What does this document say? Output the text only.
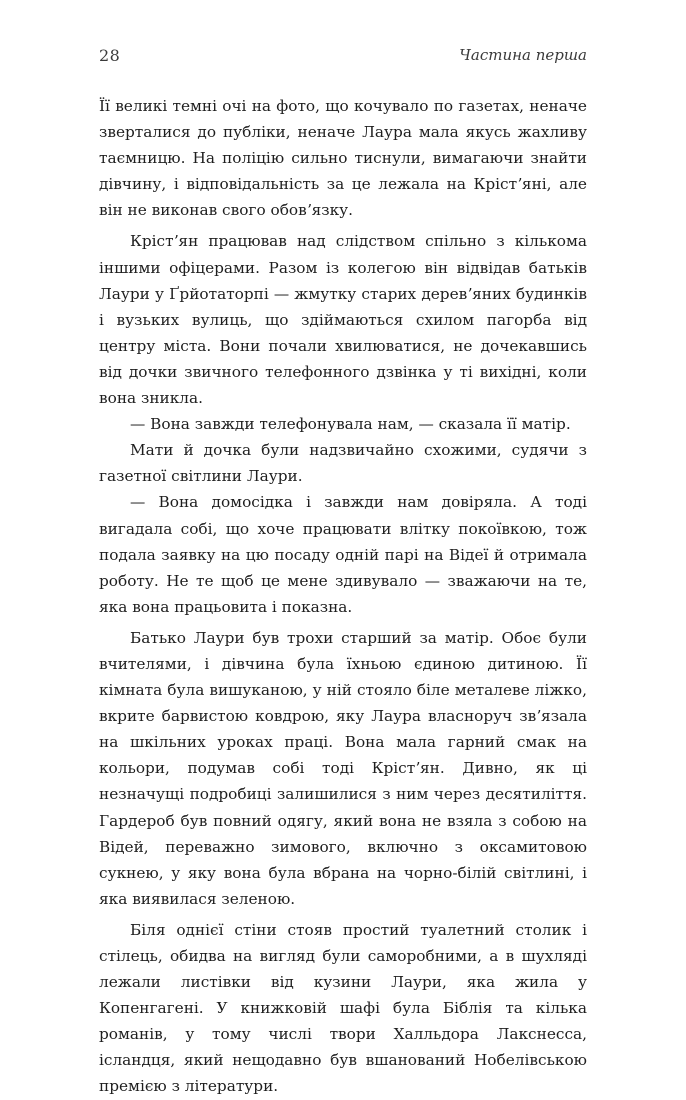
28	Частина перша

Її великі темні очі на фото, що кочувало по газетах, неначе зверталися до публіки, неначе Лаура мала якусь жахливу таємницю. На поліцію сильно тиснули, вимагаючи знайти дівчину, і відповідальність за це лежала на Крістʼяні, але він не виконав свого обовʼязку.

Крістʼян працював над слідством спільно з кількома іншими офіцерами. Разом із колегою він відвідав батьків Лаури у Ґрйотаторпі — жмутку старих деревʼяних будинків і вузьких вулиць, що здіймаються схилом пагорба від центру міста. Вони почали хвилюватися, не дочекавшись від дочки звичного телефонного дзвінка у ті вихідні, коли вона зникла.

— Вона завжди телефонувала нам, — сказала її матір.

Мати й дочка були надзвичайно схожими, судячи з газетної світлини Лаури.

— Вона домосідка і завжди нам довіряла. А тоді вигадала собі, що хоче працювати влітку покоївкою, тож подала заявку на цю посаду одній парі на Відеї й отримала роботу. Не те щоб це мене здивувало — зважаючи на те, яка вона працьовита і показна.

Батько Лаури був трохи старший за матір. Обоє були вчителями, і дівчина була їхньою єдиною дитиною. Її кімната була вишуканою, у ній стояло біле металеве ліжко, вкрите барвистою ковдрою, яку Лаура власноруч звʼязала на шкільних уроках праці. Вона мала гарний смак на кольори, подумав собі тоді Крістʼян. Дивно, як ці незначущі подробиці залишилися з ним через десятиліття. Гардероб був повний одягу, який вона не взяла з собою на Відей, переважно зимового, включно з оксамитовою сукнею, у яку вона була вбрана на чорно-білій світлині, і яка виявилася зеленою.

Біля однієї стіни стояв простий туалетний столик і стілець, обидва на вигляд були саморобними, а в шухляді лежали листівки від кузини Лаури, яка жила у Копенгагені. У книжковій шафі була Біблія та кілька романів, у тому числі твори Халльдора Лакснесса, ісландця, який нещодавно був вшанований Нобелівською премією з літератури.
